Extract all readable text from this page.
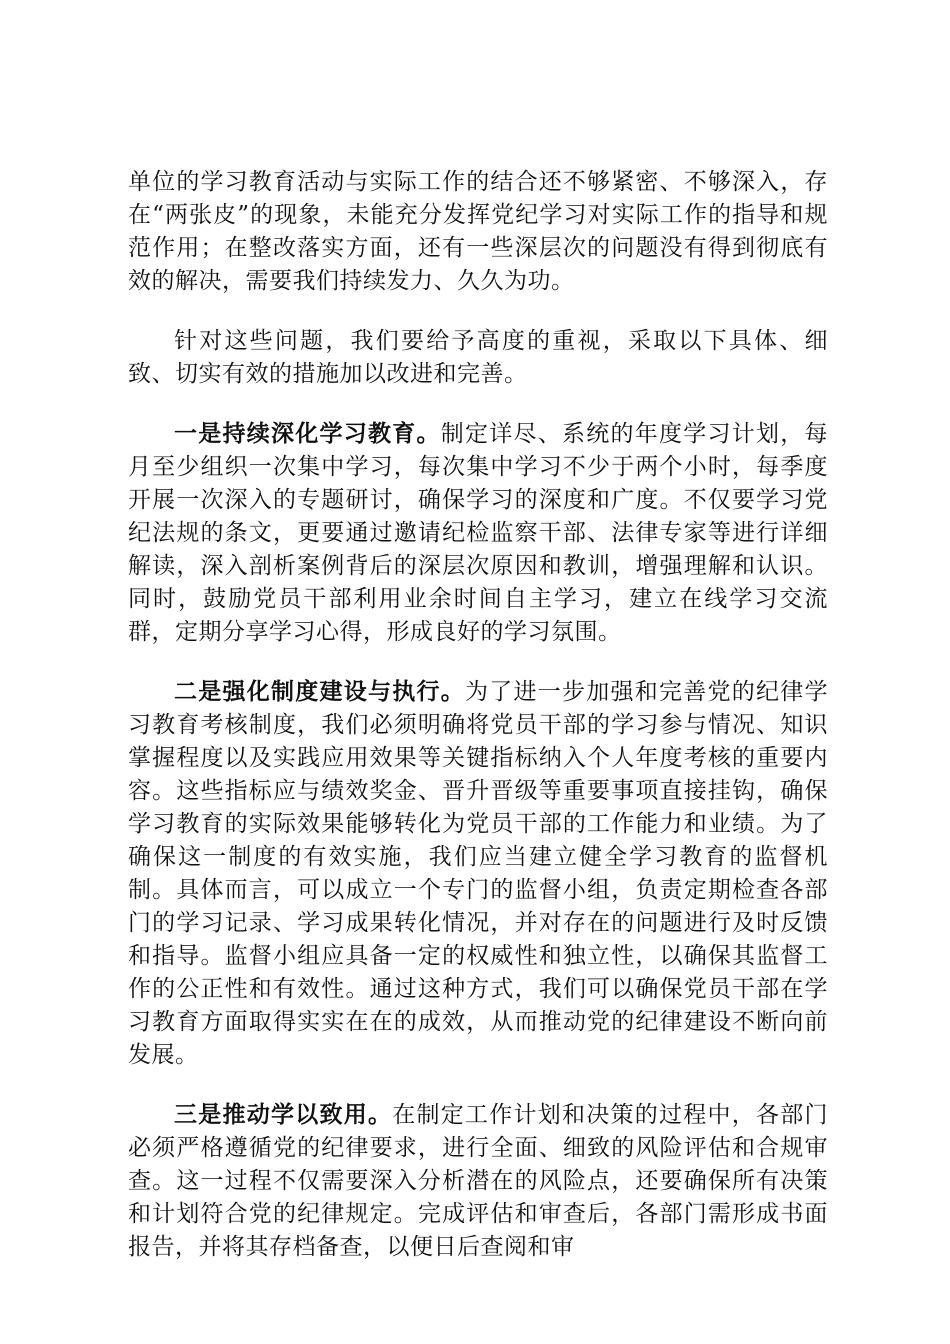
单位的学习教育活动与实际工作的结合还不够紧密、不够深入，存在“两张皮”的现象，未能充分发挥党纪学习对实际工作的指导和规范作用；在整改落实方面，还有一些深层次的问题没有得到彻底有效的解决，需要我们持续发力、久久为功。

针对这些问题，我们要给予高度的重视，采取以下具体、细致、切实有效的措施加以改进和完善。

一是持续深化学习教育。制定详尽、系统的年度学习计划，每月至少组织一次集中学习，每次集中学习不少于两个小时，每季度开展一次深入的专题研讨，确保学习的深度和广度。不仅要学习党纪法规的条文，更要通过邀请纪检监察干部、法律专家等进行详细解读，深入剖析案例背后的深层次原因和教训，增强理解和认识。同时，鼓励党员干部利用业余时间自主学习，建立在线学习交流群，定期分享学习心得，形成良好的学习氛围。

二是强化制度建设与执行。为了进一步加强和完善党的纪律学习教育考核制度，我们必须明确将党员干部的学习参与情况、知识掌握程度以及实践应用效果等关键指标纳入个人年度考核的重要内容。这些指标应与绩效奖金、晋升晋级等重要事项直接挂钩，确保学习教育的实际效果能够转化为党员干部的工作能力和业绩。为了确保这一制度的有效实施，我们应当建立健全学习教育的监督机制。具体而言，可以成立一个专门的监督小组，负责定期检查各部门的学习记录、学习成果转化情况，并对存在的问题进行及时反馈和指导。监督小组应具备一定的权威性和独立性，以确保其监督工作的公正性和有效性。通过这种方式，我们可以确保党员干部在学习教育方面取得实实在在的成效，从而推动党的纪律建设不断向前发展。

三是推动学以致用。在制定工作计划和决策的过程中，各部门必须严格遵循党的纪律要求，进行全面、细致的风险评估和合规审查。这一过程不仅需要深入分析潜在的风险点，还要确保所有决策和计划符合党的纪律规定。完成评估和审查后，各部门需形成书面报告，并将其存档备查，以便日后查阅和审
